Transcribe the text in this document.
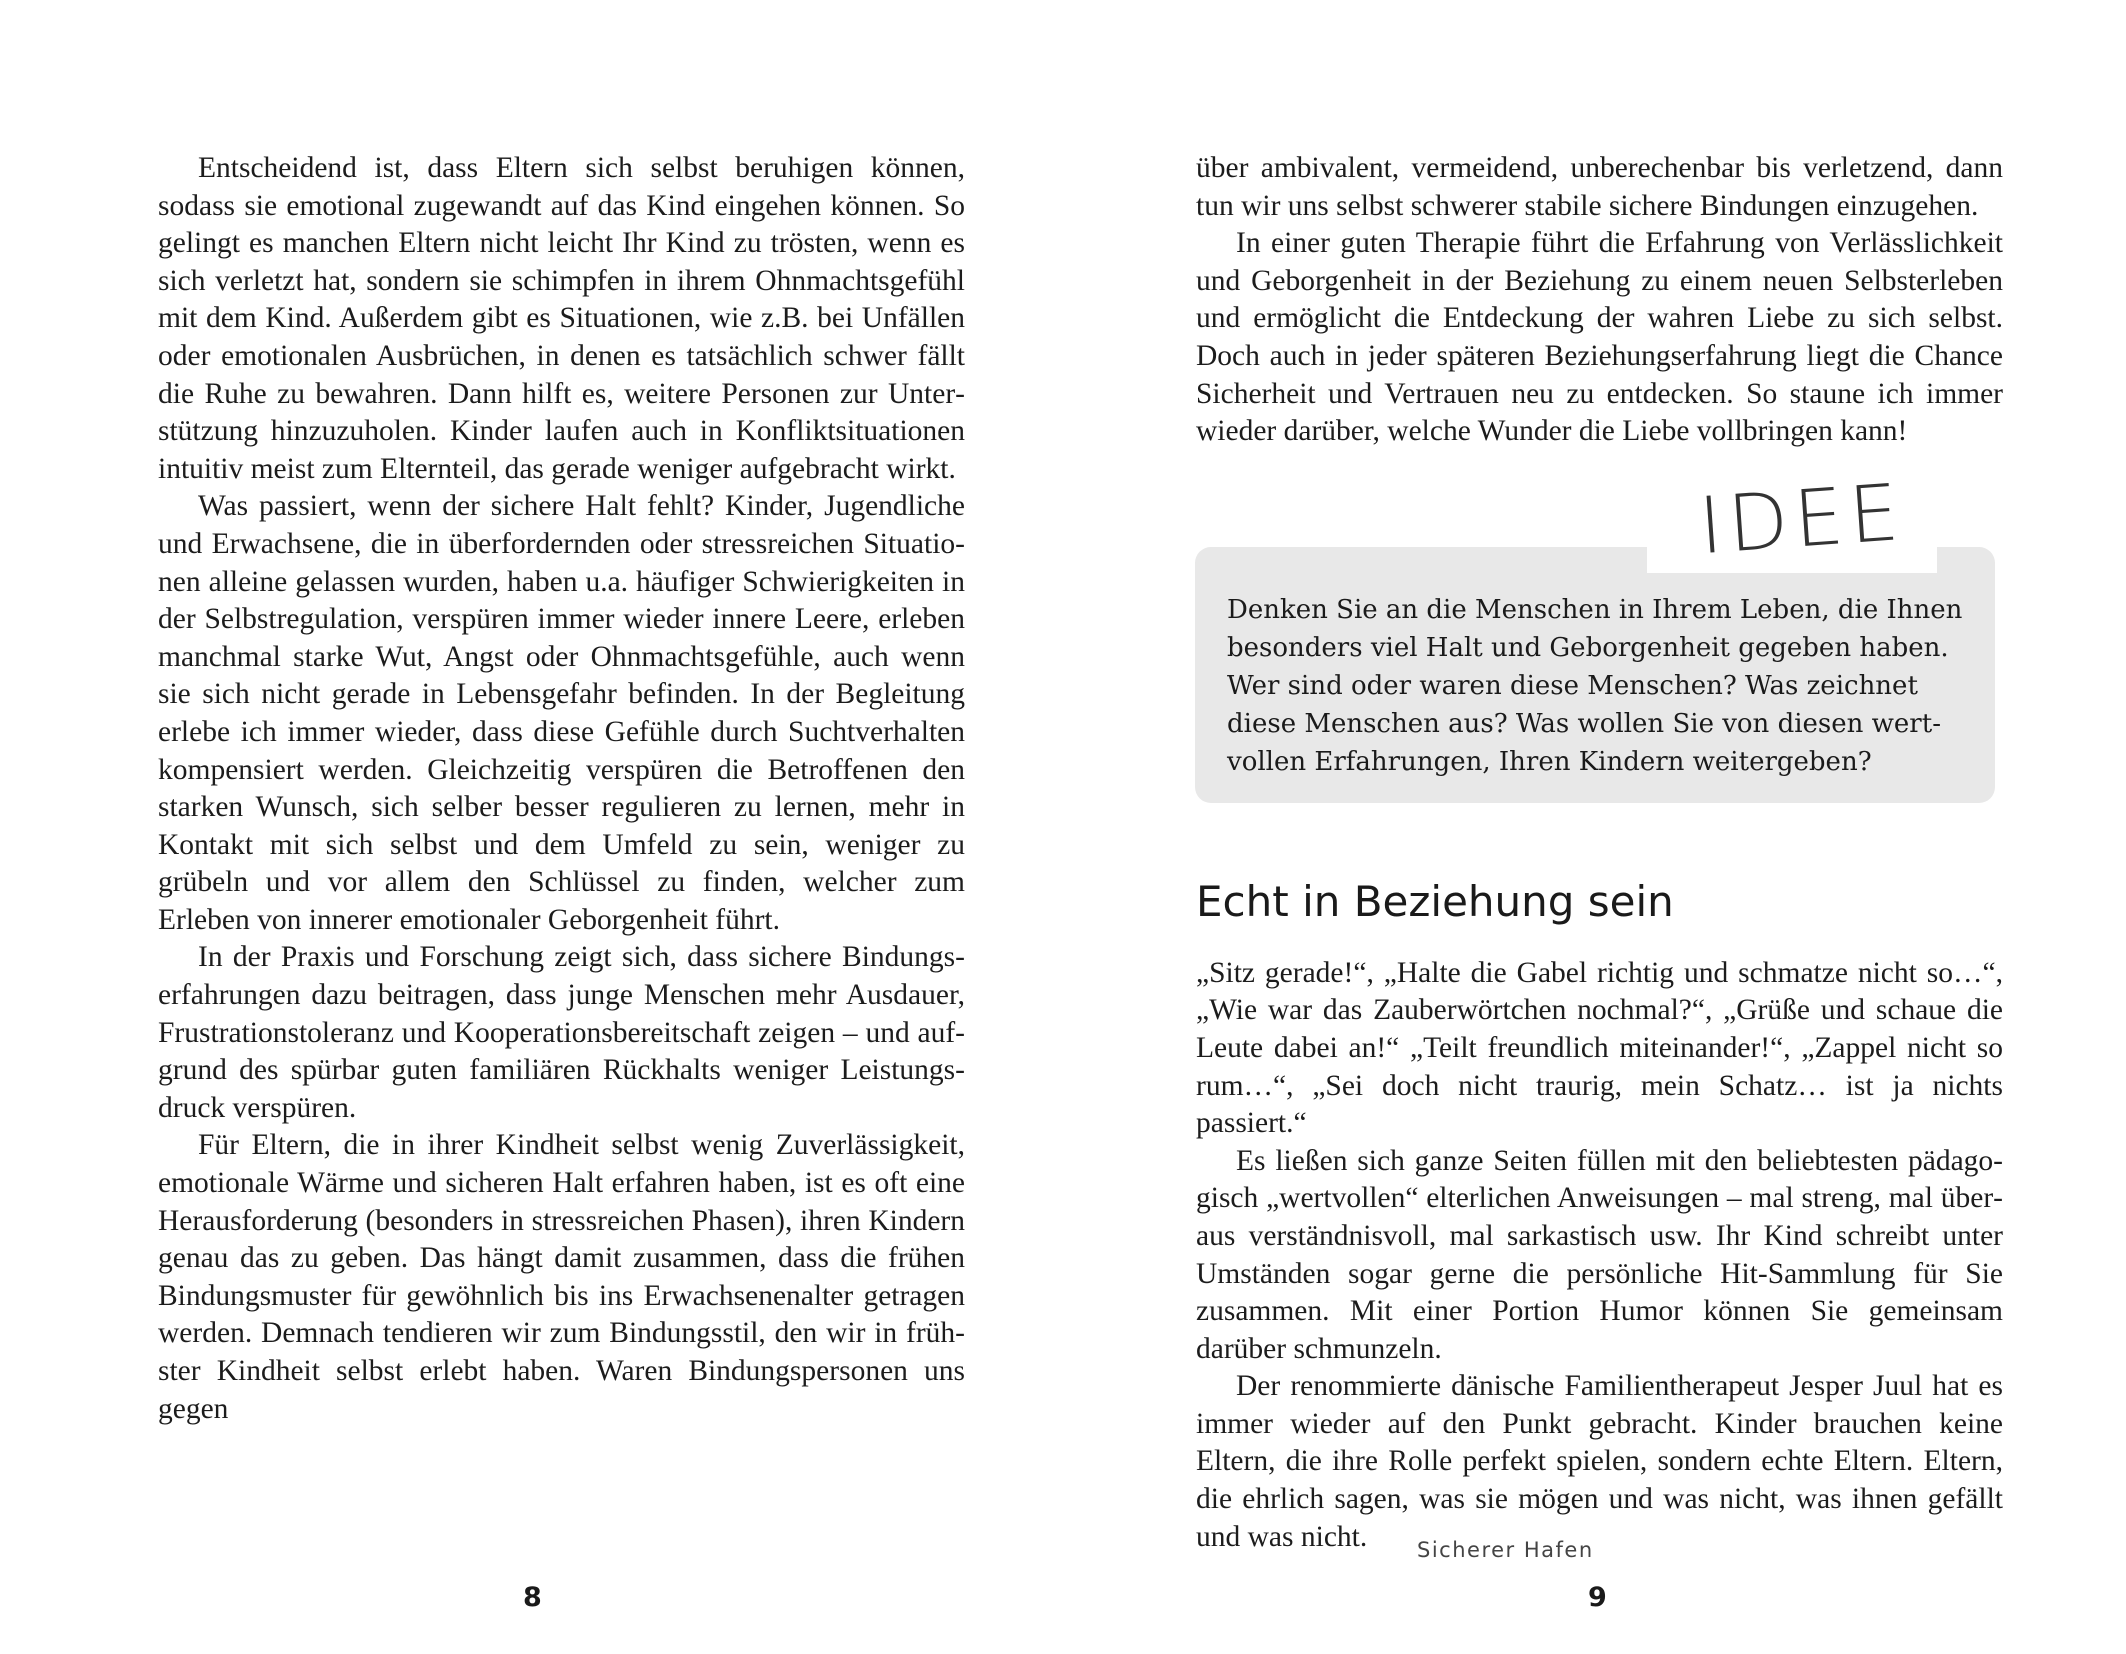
Entscheidend ist, dass Eltern sich selbst beruhigen können, sodass sie emotional zugewandt auf das Kind eingehen können. So gelingt es manchen Eltern nicht leicht Ihr Kind zu trösten, wenn es sich verletzt hat, sondern sie schimpfen in ihrem Ohnmachtsgefühl mit dem Kind. Außerdem gibt es Situationen, wie z.B. bei Unfällen oder emotionalen Ausbrüchen, in denen es tatsächlich schwer fällt die Ruhe zu bewahren. Dann hilft es, weitere Personen zur Unterstützung hinzuzuholen. Kinder laufen auch in Konfliktsituationen intuitiv meist zum Elternteil, das gerade weniger aufgebracht wirkt.

Was passiert, wenn der sichere Halt fehlt? Kinder, Jugendliche und Erwachsene, die in überfordernden oder stressreichen Situationen alleine gelassen wurden, haben u.a. häufiger Schwierigkeiten in der Selbstregulation, verspüren immer wieder innere Leere, erleben manchmal starke Wut, Angst oder Ohnmachtsgefühle, auch wenn sie sich nicht gerade in Lebensgefahr befinden. In der Begleitung erlebe ich immer wieder, dass diese Gefühle durch Suchtverhalten kompensiert werden. Gleichzeitig verspüren die Betroffenen den starken Wunsch, sich selber besser regulieren zu lernen, mehr in Kontakt mit sich selbst und dem Umfeld zu sein, weniger zu grübeln und vor allem den Schlüssel zu finden, welcher zum Erleben von innerer emotionaler Geborgenheit führt.

In der Praxis und Forschung zeigt sich, dass sichere Bindungserfahrungen dazu beitragen, dass junge Menschen mehr Ausdauer, Frustrationstoleranz und Kooperationsbereitschaft zeigen – und aufgrund des spürbar guten familiären Rückhalts weniger Leistungsdruck verspüren.

Für Eltern, die in ihrer Kindheit selbst wenig Zuverlässigkeit, emotionale Wärme und sicheren Halt erfahren haben, ist es oft eine Herausforderung (besonders in stressreichen Phasen), ihren Kindern genau das zu geben. Das hängt damit zusammen, dass die frühen Bindungsmuster für gewöhnlich bis ins Erwachsenenalter getragen werden. Demnach tendieren wir zum Bindungsstil, den wir in frühster Kindheit selbst erlebt haben. Waren Bindungspersonen uns gegen

8

über ambivalent, vermeidend, unberechenbar bis verletzend, dann tun wir uns selbst schwerer stabile sichere Bindungen einzugehen.

In einer guten Therapie führt die Erfahrung von Verlässlichkeit und Geborgenheit in der Beziehung zu einem neuen Selbsterleben und ermöglicht die Entdeckung der wahren Liebe zu sich selbst. Doch auch in jeder späteren Beziehungserfahrung liegt die Chance Sicherheit und Vertrauen neu zu entdecken. So staune ich immer wieder darüber, welche Wunder die Liebe vollbringen kann!

Denken Sie an die Menschen in Ihrem Leben, die Ihnen besonders viel Halt und Geborgenheit gegeben haben. Wer sind oder waren diese Menschen? Was zeichnet diese Menschen aus? Was wollen Sie von diesen wertvollen Erfahrungen, Ihren Kindern weitergeben?

IDEE
Echt in Beziehung sein

„Sitz gerade!“, „Halte die Gabel richtig und schmatze nicht so…“, „Wie war das Zauberwörtchen nochmal?“, „Grüße und schaue die Leute dabei an!“ „Teilt freundlich miteinander!“, „Zappel nicht so rum…“, „Sei doch nicht traurig, mein Schatz… ist ja nichts passiert.“

Es ließen sich ganze Seiten füllen mit den beliebtesten pädagogisch „wertvollen“ elterlichen Anweisungen – mal streng, mal überaus verständnisvoll, mal sarkastisch usw. Ihr Kind schreibt unter Umständen sogar gerne die persönliche Hit-Sammlung für Sie zusammen. Mit einer Portion Humor können Sie gemeinsam darüber schmunzeln.

Der renommierte dänische Familientherapeut Jesper Juul hat es immer wieder auf den Punkt gebracht. Kinder brauchen keine Eltern, die ihre Rolle perfekt spielen, sondern echte Eltern. Eltern, die ehrlich sagen, was sie mögen und was nicht, was ihnen gefällt und was nicht.	Sicherer Hafen
9
